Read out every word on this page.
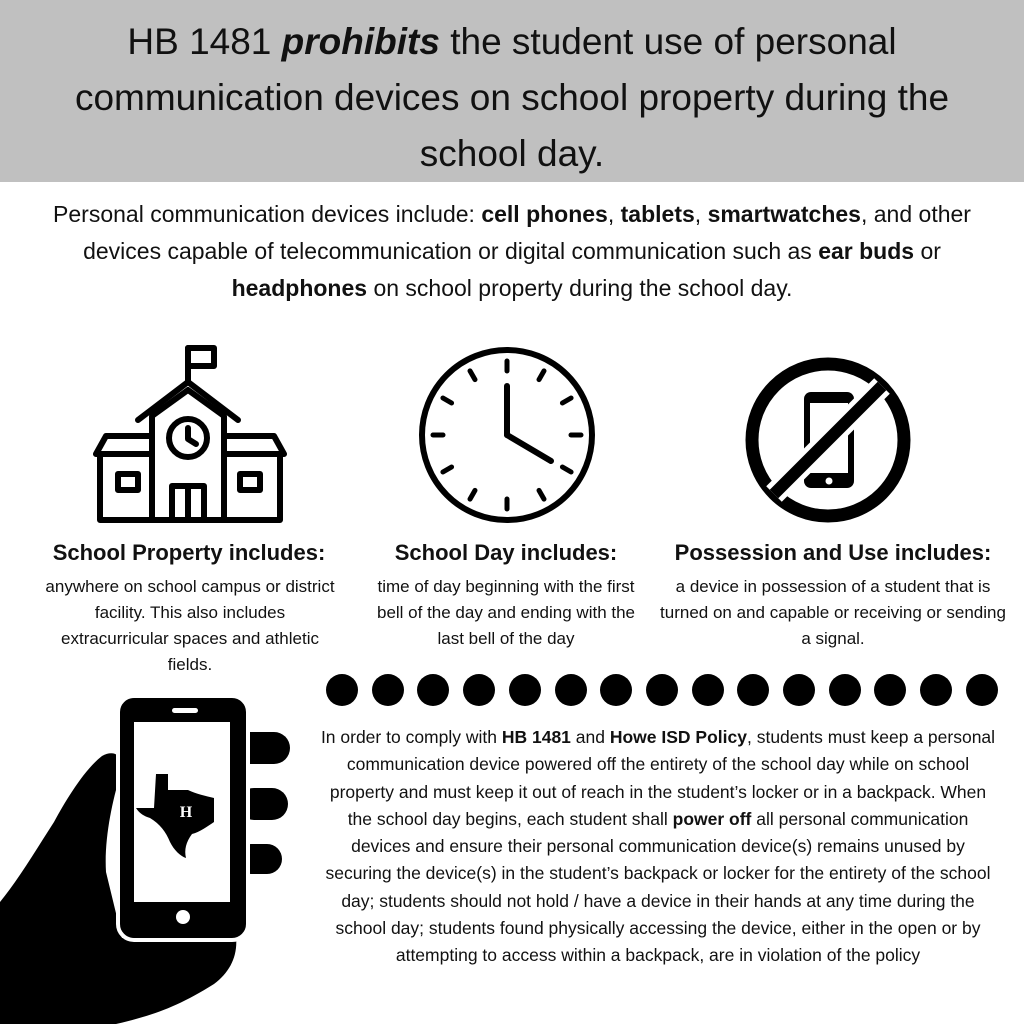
HB 1481 prohibits the student use of personal communication devices on school property during the school day.
Personal communication devices include: cell phones, tablets, smartwatches, and other devices capable of telecommunication or digital communication such as ear buds or headphones on school property during the school day.
School Property includes:
anywhere on school campus or district facility. This also includes extracurricular spaces and athletic fields.
School Day includes:
time of day beginning with the first bell of the day and ending with the last bell of the day
Possession and Use includes:
a device in possession of a student that is turned on and capable or receiving or sending a signal.
H
In order to comply with HB 1481 and Howe ISD Policy, students must keep a personal communication device powered off the entirety of the school day while on school property and must keep it out of reach in the student’s locker or in a backpack. When the school day begins, each student shall power off all personal communication devices and ensure their personal communication device(s) remains unused by securing the device(s) in the student’s backpack or locker for the entirety of the school day; students should not hold / have a device in their hands at any time during the school day; students found physically accessing the device, either in the open or by attempting to access within a backpack, are in violation of the policy
